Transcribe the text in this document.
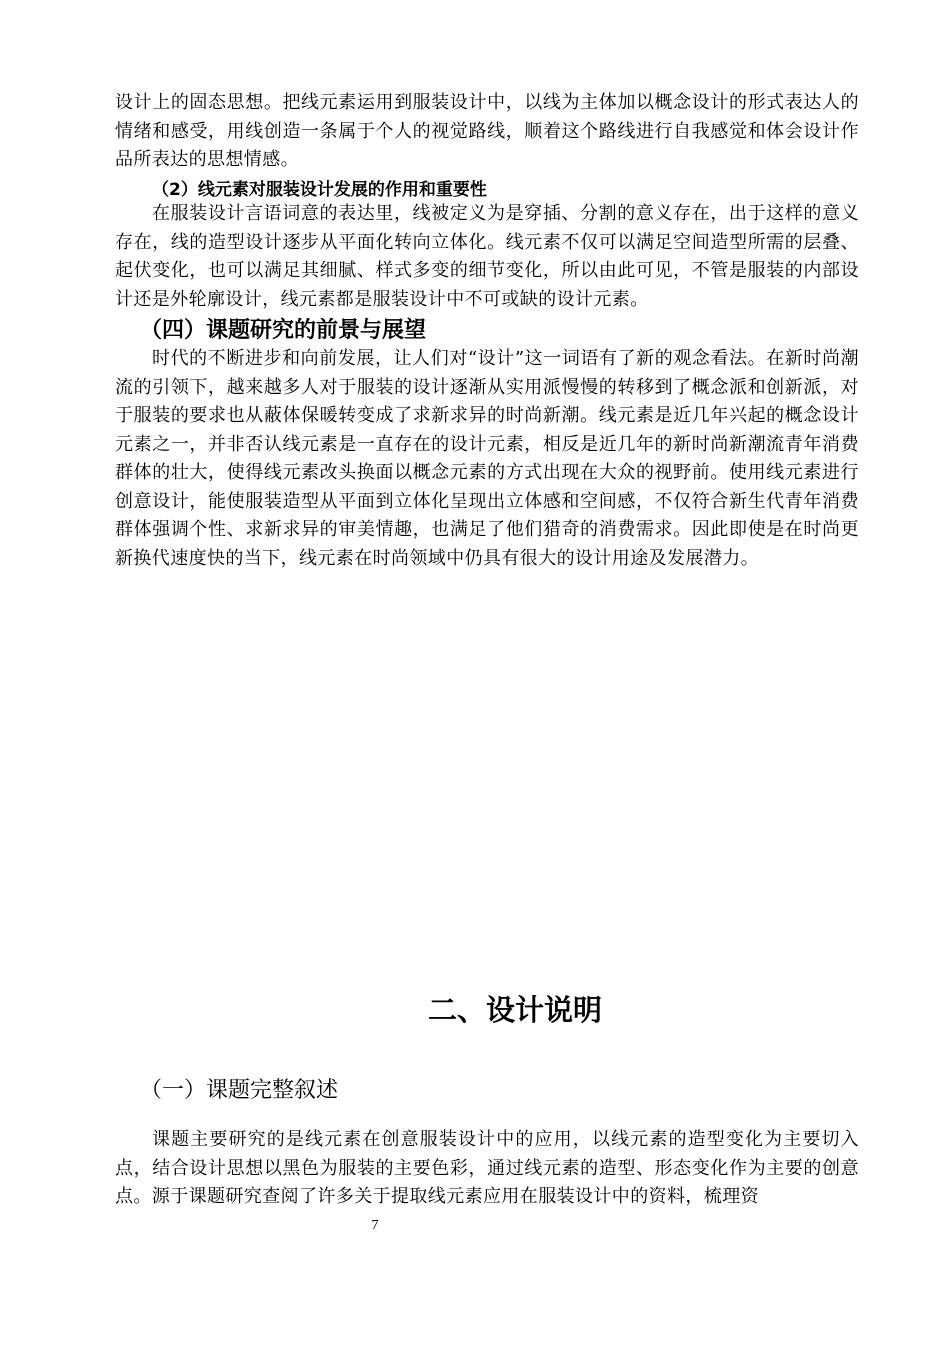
设计上的固态思想。把线元素运用到服装设计中，以线为主体加以概念设计的形式表达人的情绪和感受，用线创造一条属于个人的视觉路线，顺着这个路线进行自我感觉和体会设计作品所表达的思想情感。

（2）线元素对服装设计发展的作用和重要性

在服装设计言语词意的表达里，线被定义为是穿插、分割的意义存在，出于这样的意义存在，线的造型设计逐步从平面化转向立体化。线元素不仅可以满足空间造型所需的层叠、起伏变化，也可以满足其细腻、样式多变的细节变化，所以由此可见，不管是服装的内部设计还是外轮廓设计，线元素都是服装设计中不可或缺的设计元素。

（四）课题研究的前景与展望

时代的不断进步和向前发展，让人们对“设计”这一词语有了新的观念看法。在新时尚潮流的引领下，越来越多人对于服装的设计逐渐从实用派慢慢的转移到了概念派和创新派，对于服装的要求也从蔽体保暖转变成了求新求异的时尚新潮。线元素是近几年兴起的概念设计元素之一，并非否认线元素是一直存在的设计元素，相反是近几年的新时尚新潮流青年消费群体的壮大，使得线元素改头换面以概念元素的方式出现在大众的视野前。使用线元素进行创意设计，能使服装造型从平面到立体化呈现出立体感和空间感，不仅符合新生代青年消费群体强调个性、求新求异的审美情趣，也满足了他们猎奇的消费需求。因此即使是在时尚更新换代速度快的当下，线元素在时尚领域中仍具有很大的设计用途及发展潜力。

二、设计说明

（一）课题完整叙述

课题主要研究的是线元素在创意服装设计中的应用，以线元素的造型变化为主要切入点，结合设计思想以黑色为服装的主要色彩，通过线元素的造型、形态变化作为主要的创意点。源于课题研究查阅了许多关于提取线元素应用在服装设计中的资料，梳理资

7
